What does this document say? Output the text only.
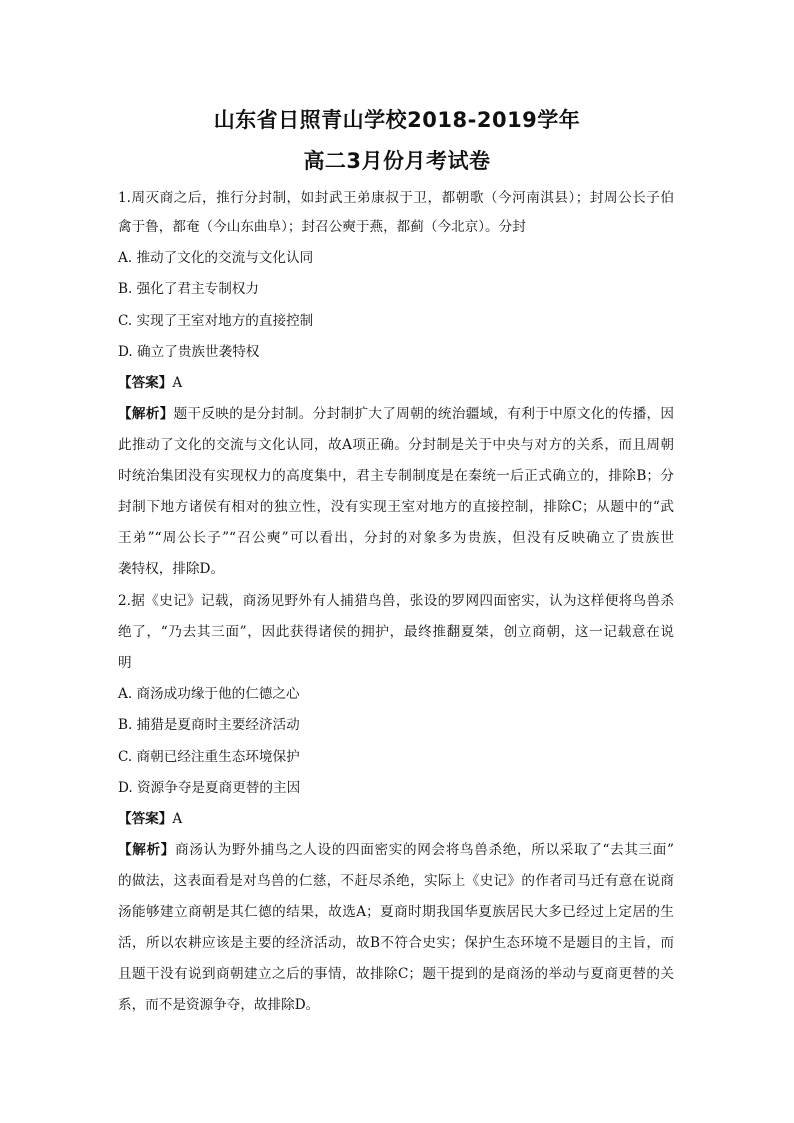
山东省日照青山学校2018-2019学年
高二3月份月考试卷
1.周灭商之后，推行分封制，如封武王弟康叔于卫，都朝歌（今河南淇县）；封周公长子伯
禽于鲁，都奄（今山东曲阜）；封召公奭于燕，都蓟（今北京）。分封
A. 推动了文化的交流与文化认同
B. 强化了君主专制权力
C. 实现了王室对地方的直接控制
D. 确立了贵族世袭特权
【答案】A
【解析】题干反映的是分封制。分封制扩大了周朝的统治疆域，有利于中原文化的传播，因
此推动了文化的交流与文化认同，故A项正确。分封制是关于中央与对方的关系，而且周朝
时统治集团没有实现权力的高度集中，君主专制制度是在秦统一后正式确立的，排除B；分
封制下地方诸侯有相对的独立性，没有实现王室对地方的直接控制，排除C；从题中的“武
王弟”“周公长子”“召公奭”可以看出，分封的对象多为贵族，但没有反映确立了贵族世
袭特权，排除D。
2.据《史记》记载，商汤见野外有人捕猎鸟兽，张设的罗网四面密实，认为这样便将鸟兽杀
绝了，“乃去其三面”，因此获得诸侯的拥护，最终推翻夏桀，创立商朝，这一记载意在说
明
A. 商汤成功缘于他的仁德之心
B. 捕猎是夏商时主要经济活动
C. 商朝已经注重生态环境保护
D. 资源争夺是夏商更替的主因
【答案】A
【解析】商汤认为野外捕鸟之人设的四面密实的网会将鸟兽杀绝，所以采取了“去其三面”
的做法，这表面看是对鸟兽的仁慈，不赶尽杀绝，实际上《史记》的作者司马迁有意在说商
汤能够建立商朝是其仁德的结果，故选A；夏商时期我国华夏族居民大多已经过上定居的生
活，所以农耕应该是主要的经济活动，故B不符合史实；保护生态环境不是题目的主旨，而
且题干没有说到商朝建立之后的事情，故排除C；题干提到的是商汤的举动与夏商更替的关
系，而不是资源争夺，故排除D。
